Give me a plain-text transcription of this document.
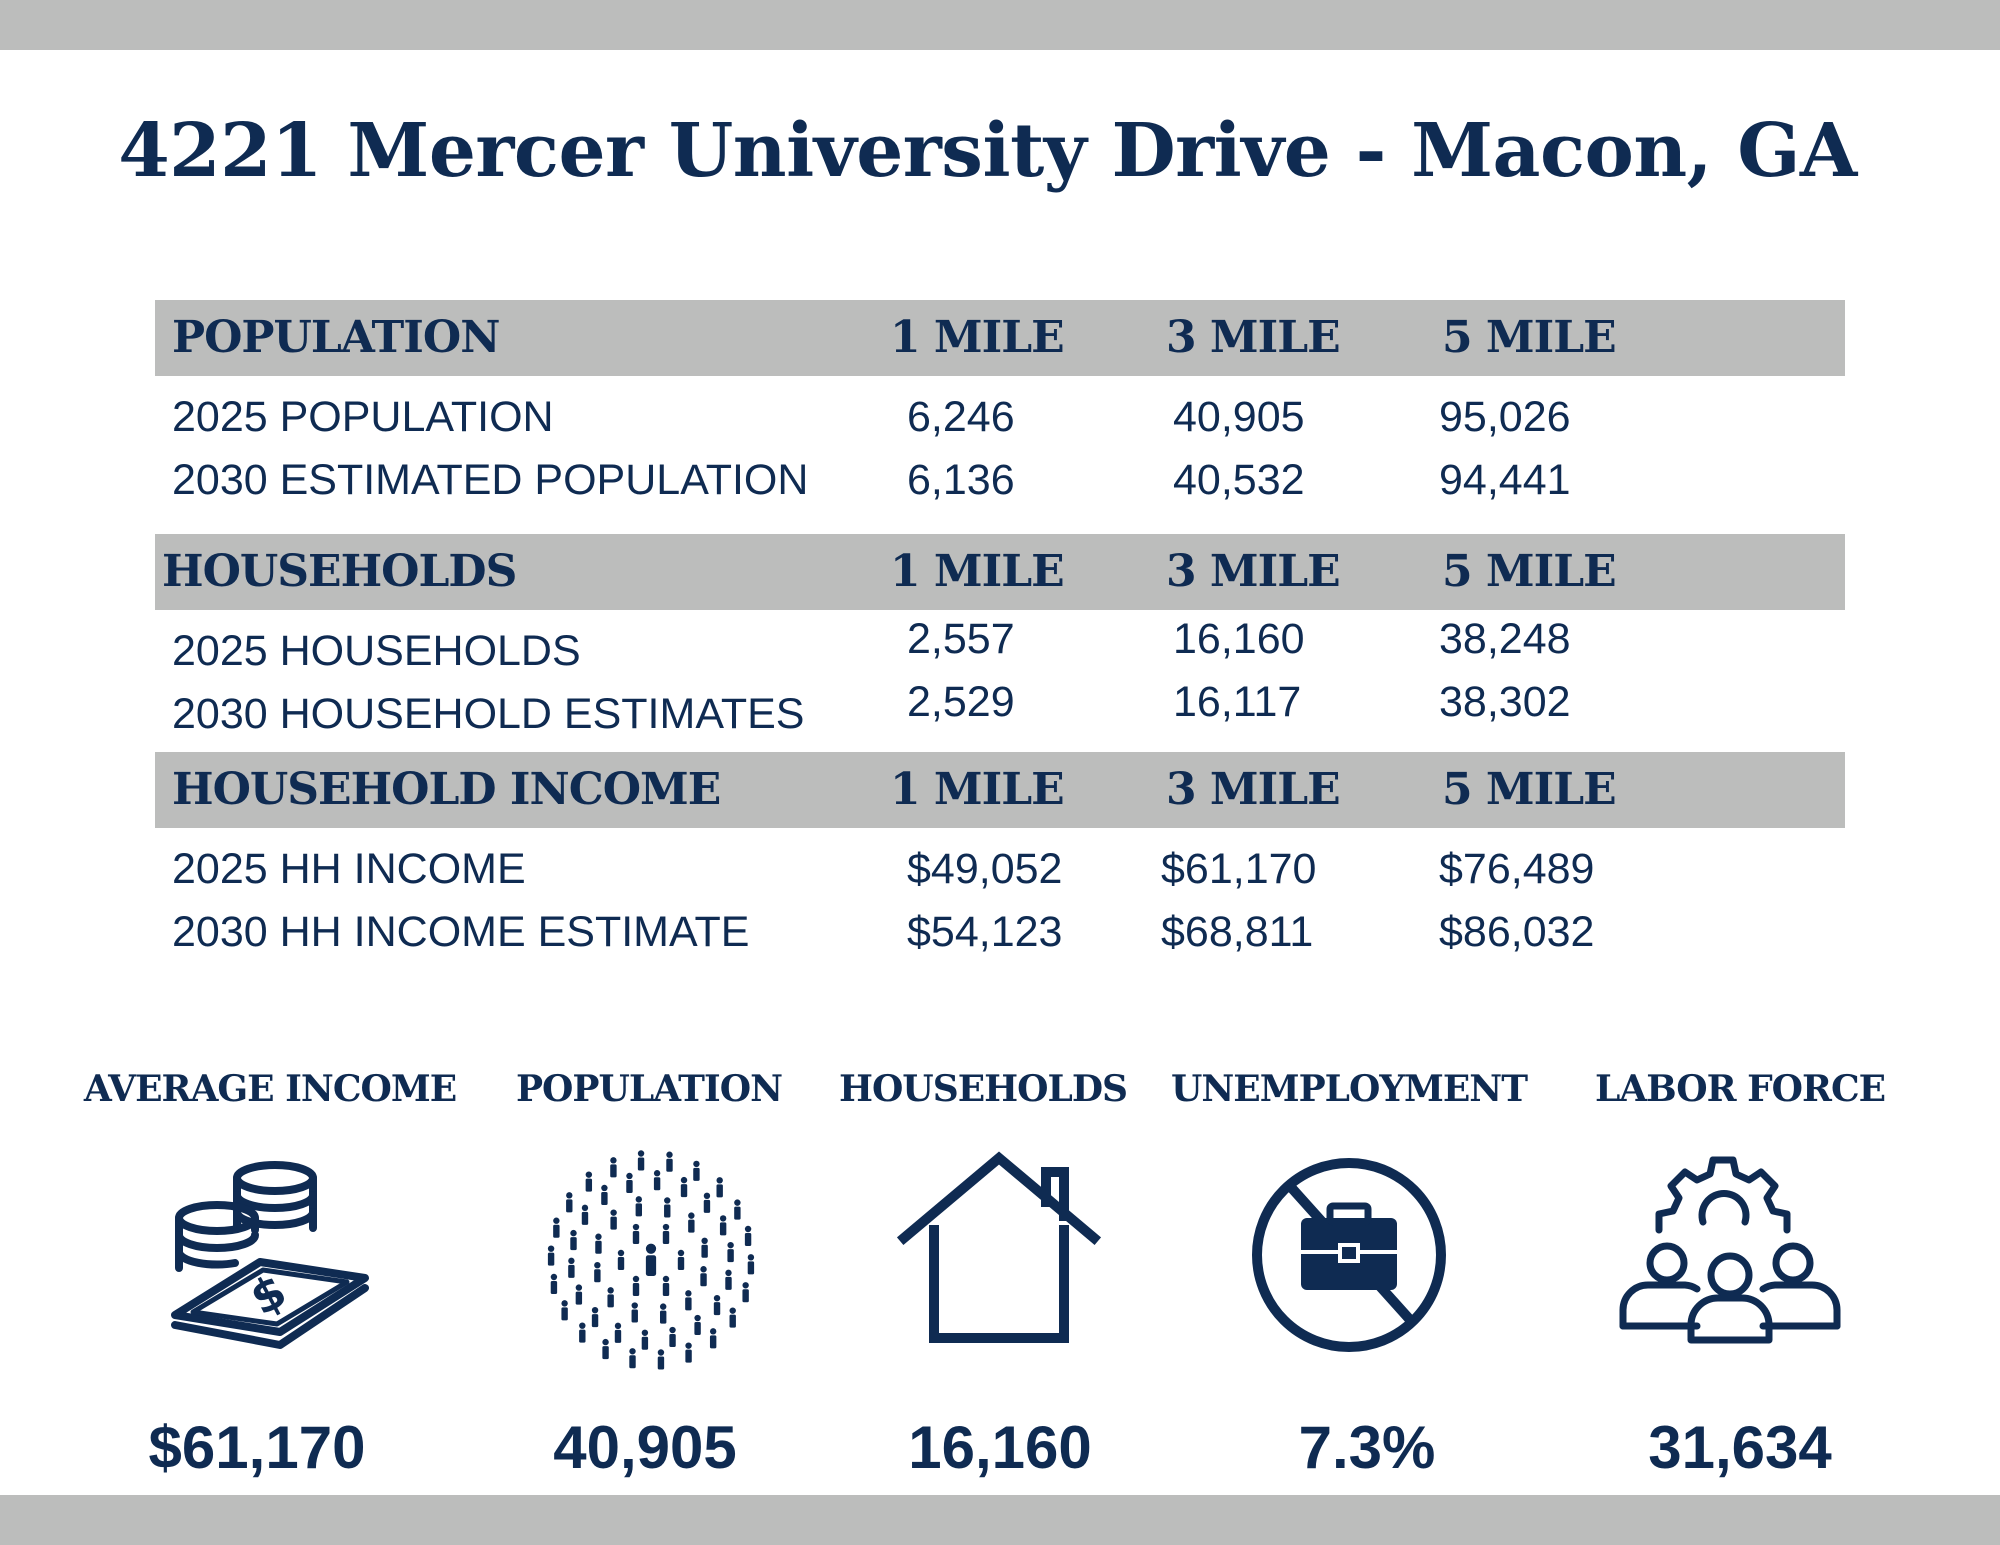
4221 Mercer University Drive - Macon, GA
POPULATION	1 MILE 3 MILE 5 MILE
2025 POPULATION	6,246	40,905	95,026
2030 ESTIMATED POPULATION 6,136	40,532	94,441
HOUSEHOLDS	1 MILE 3 MILE 5 MILE
2025 HOUSEHOLDS	2,557	16,160	38,248
2030 HOUSEHOLD ESTIMATES 2,529	16,117	38,302
HOUSEHOLD INCOME	1 MILE 3 MILE 5 MILE
2025 HH INCOME	$49,052 $61,170	$76,489
2030 HH INCOME ESTIMATE	$54,123 $68,811	$86,032
AVERAGE INCOME	POPULATION	HOUSEHOLDS	UNEMPLOYMENT	LABOR FORCE
$
$61,170	40,905	16,160	7.3%	31,634
